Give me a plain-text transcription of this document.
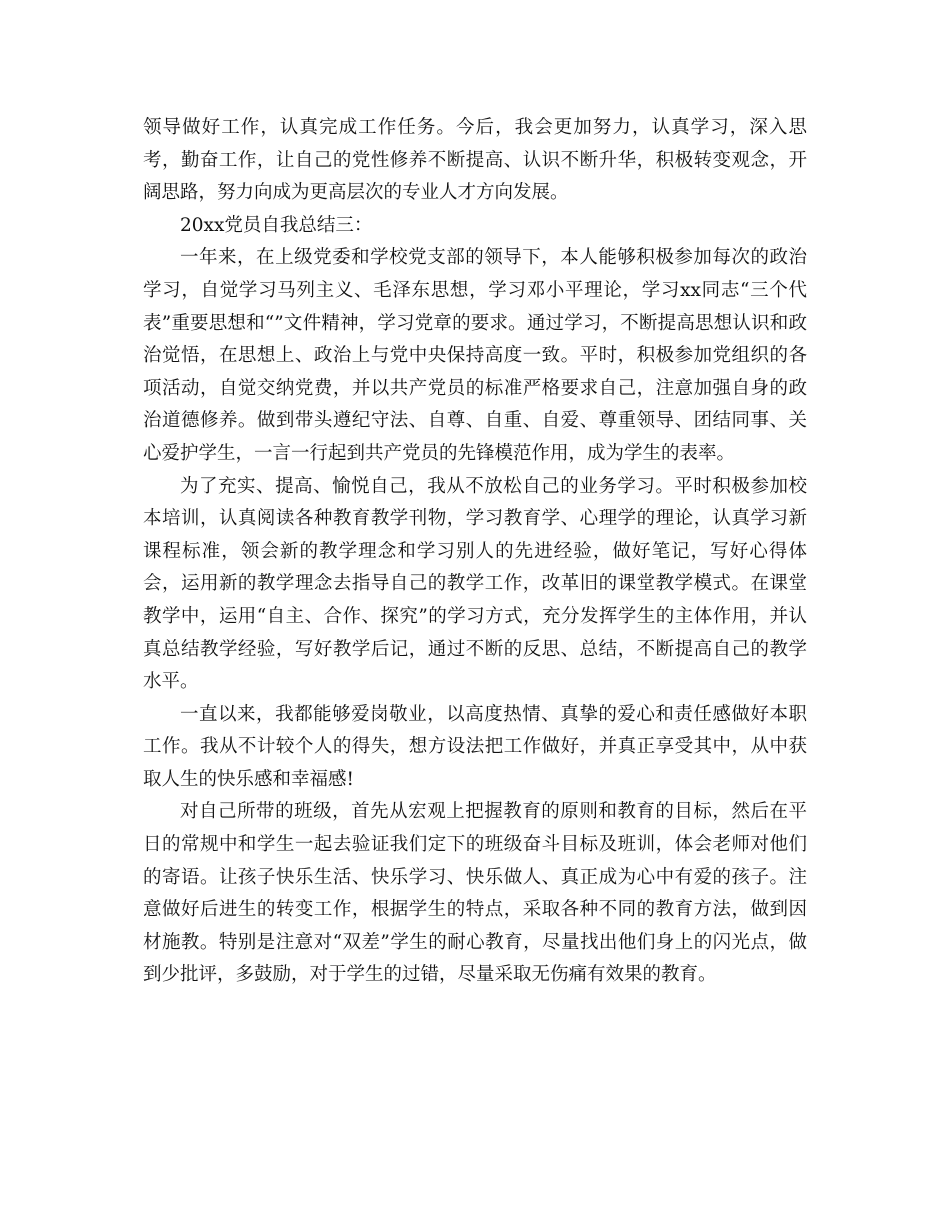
领导做好工作，认真完成工作任务。今后，我会更加努力，认真学习，深入思考，勤奋工作，让自己的党性修养不断提高、认识不断升华，积极转变观念，开阔思路，努力向成为更高层次的专业人才方向发展。

20xx党员自我总结三：

一年来，在上级党委和学校党支部的领导下，本人能够积极参加每次的政治学习，自觉学习马列主义、毛泽东思想，学习邓小平理论，学习xx同志“三个代表”重要思想和“”文件精神，学习党章的要求。通过学习，不断提高思想认识和政治觉悟，在思想上、政治上与党中央保持高度一致。平时，积极参加党组织的各项活动，自觉交纳党费，并以共产党员的标准严格要求自己，注意加强自身的政治道德修养。做到带头遵纪守法、自尊、自重、自爱、尊重领导、团结同事、关心爱护学生，一言一行起到共产党员的先锋模范作用，成为学生的表率。

为了充实、提高、愉悦自己，我从不放松自己的业务学习。平时积极参加校本培训，认真阅读各种教育教学刊物，学习教育学、心理学的理论，认真学习新课程标准，领会新的教学理念和学习别人的先进经验，做好笔记，写好心得体会，运用新的教学理念去指导自己的教学工作，改革旧的课堂教学模式。在课堂教学中，运用“自主、合作、探究”的学习方式，充分发挥学生的主体作用，并认真总结教学经验，写好教学后记，通过不断的反思、总结，不断提高自己的教学水平。

一直以来，我都能够爱岗敬业，以高度热情、真挚的爱心和责任感做好本职工作。我从不计较个人的得失，想方设法把工作做好，并真正享受其中，从中获取人生的快乐感和幸福感!

对自己所带的班级，首先从宏观上把握教育的原则和教育的目标，然后在平日的常规中和学生一起去验证我们定下的班级奋斗目标及班训，体会老师对他们的寄语。让孩子快乐生活、快乐学习、快乐做人、真正成为心中有爱的孩子。注意做好后进生的转变工作，根据学生的特点，采取各种不同的教育方法，做到因材施教。特别是注意对“双差”学生的耐心教育，尽量找出他们身上的闪光点，做到少批评，多鼓励，对于学生的过错，尽量采取无伤痛有效果的教育。
